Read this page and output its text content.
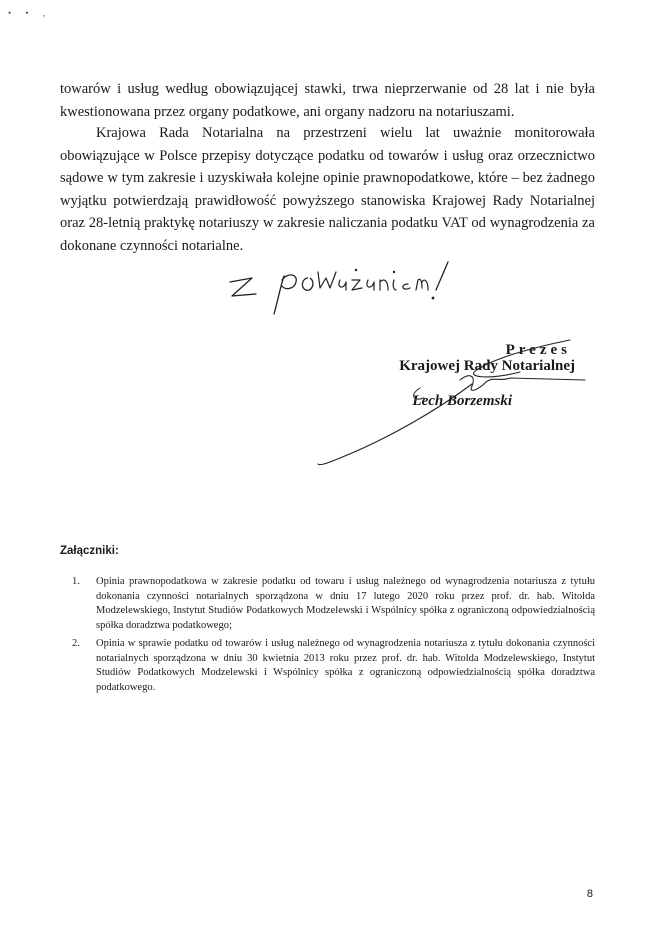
• • ,

towarów i usług według obowiązującej stawki, trwa nieprzerwanie od 28 lat i nie była kwestionowana przez organy podatkowe, ani organy nadzoru na notariuszami.

Krajowa Rada Notarialna na przestrzeni wielu lat uważnie monitorowała obowiązujące w Polsce przepisy dotyczące podatku od towarów i usług oraz orzecznictwo sądowe w tym zakresie i uzyskiwała kolejne opinie prawnopodatkowe, które – bez żadnego wyjątku potwierdzają prawidłowość powyższego stanowiska Krajowej Rady Notarialnej oraz 28-letnią praktykę notariuszy w zakresie naliczania podatku VAT od wynagrodzenia za dokonane czynności notarialne.

Prezes

Krajowej Rady Notarialnej

Lech Borzemski

Załączniki:

1. Opinia prawnopodatkowa w zakresie podatku od towaru i usług należnego od wynagrodzenia notariusza z tytułu dokonania czynności notarialnych sporządzona w dniu 17 lutego 2020 roku przez prof. dr. hab. Witolda Modzelewskiego, Instytut Studiów Podatkowych Modzelewski i Wspólnicy spółka z ograniczoną odpowiedzialnością spółka doradztwa podatkowego;
2. Opinia w sprawie podatku od towarów i usług należnego od wynagrodzenia notariusza z tytułu dokonania czynności notarialnych sporządzona w dniu 30 kwietnia 2013 roku przez prof. dr. hab. Witolda Modzelewskiego, Instytut Studiów Podatkowych Modzelewski i Wspólnicy spółka z ograniczoną odpowiedzialnością spółka doradztwa podatkowego.

8
